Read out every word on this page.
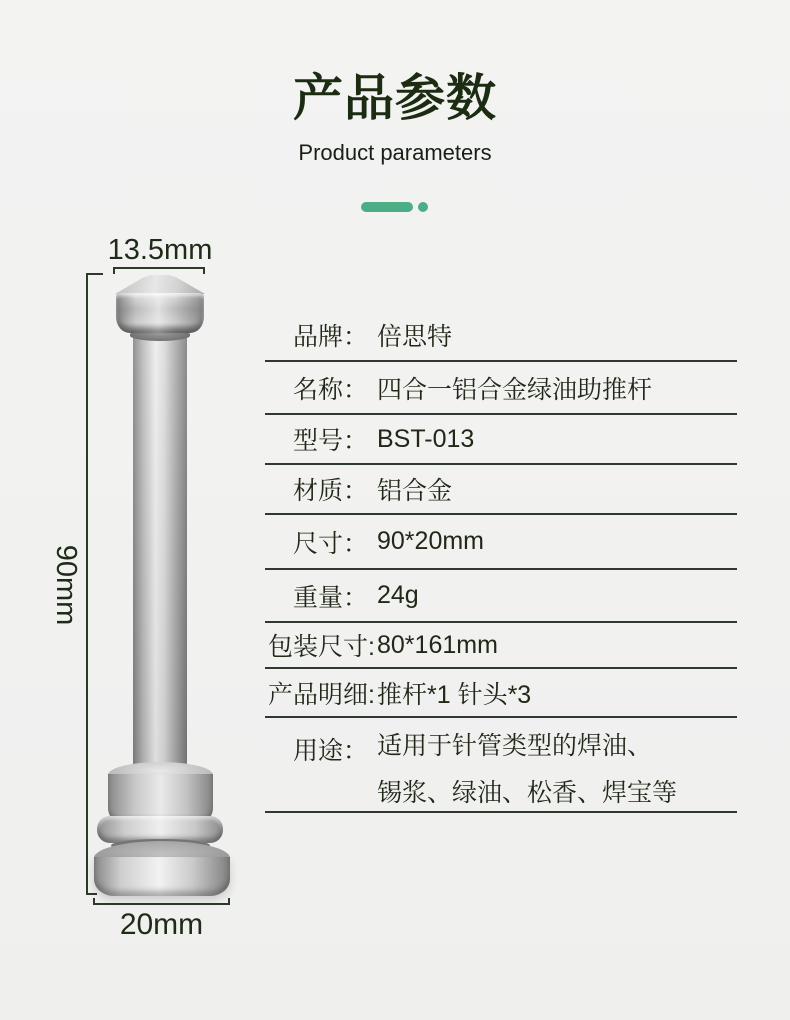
产品参数
Product parameters
13.5mm
90mm
20mm
　品牌： 倍思特
　名称： 四合一铝合金绿油助推杆
　型号： BST-013
　材质： 铝合金
　尺寸： 90*20mm
　重量： 24g
包装尺寸: 80*161mm
产品明细: 推杆*1 针头*3
　用途： 适用于针管类型的焊油、
锡浆、绿油、松香、焊宝等
